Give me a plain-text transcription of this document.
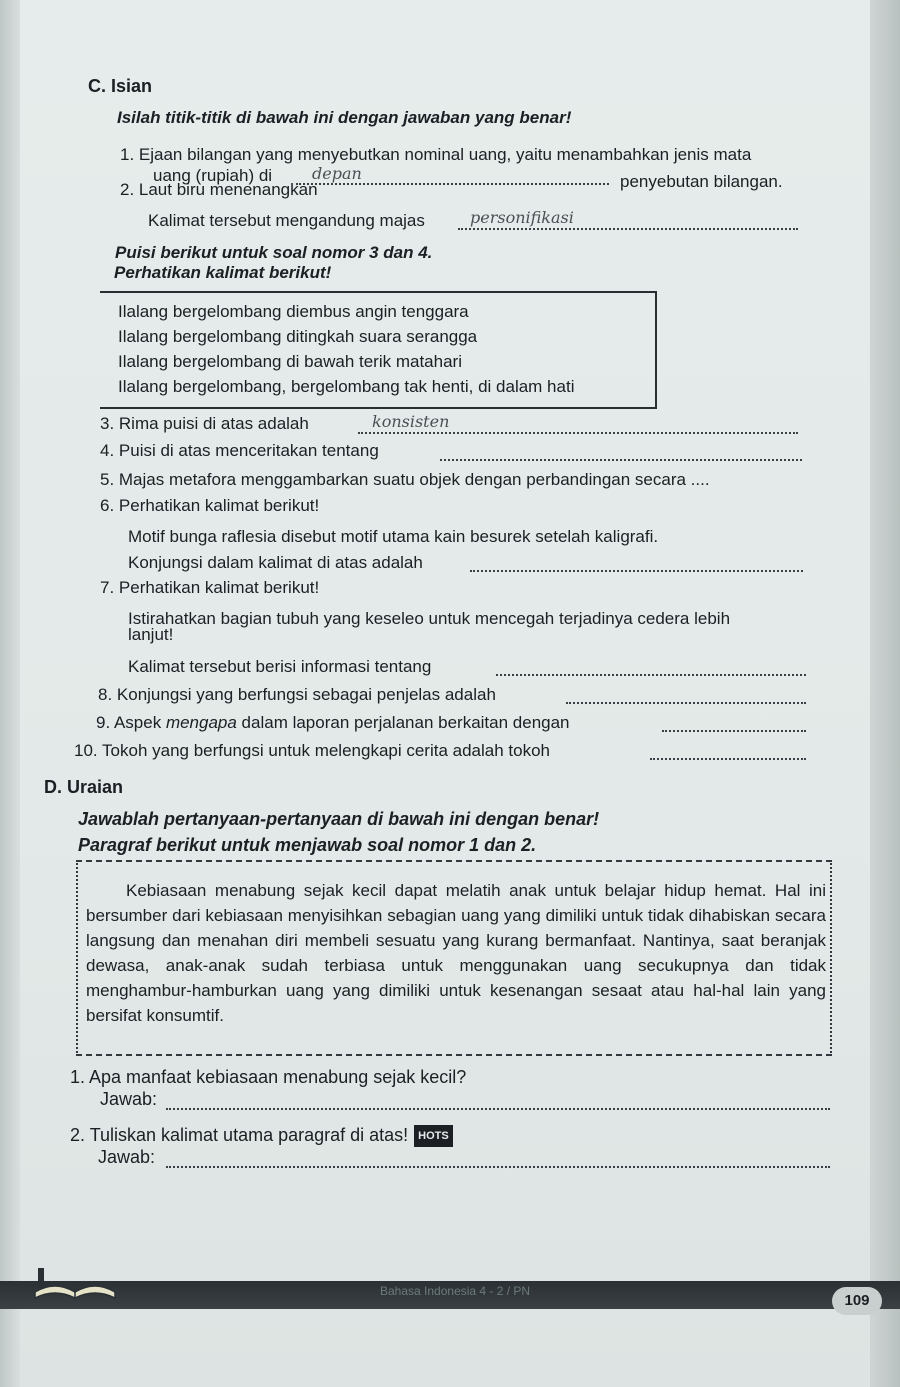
C. Isian
Isilah titik-titik di bawah ini dengan jawaban yang benar!
1. Ejaan bilangan yang menyebutkan nominal uang, yaitu menambahkan jenis mata
uang (rupiah) di depan	penyebutan bilangan.
2. Laut biru menenangkan
Kalimat tersebut mengandung majas	personifikasi
Puisi berikut untuk soal nomor 3 dan 4.
Perhatikan kalimat berikut!
Ilalang bergelombang diembus angin tenggara
Ilalang bergelombang ditingkah suara serangga
Ilalang bergelombang di bawah terik matahari
Ilalang bergelombang, bergelombang tak henti, di dalam hati
3. Rima puisi di atas adalah	konsisten
4. Puisi di atas menceritakan tentang
5. Majas metafora menggambarkan suatu objek dengan perbandingan secara ....
6. Perhatikan kalimat berikut!
Motif bunga raflesia disebut motif utama kain besurek setelah kaligrafi.
Konjungsi dalam kalimat di atas adalah
7. Perhatikan kalimat berikut!
Istirahatkan bagian tubuh yang keseleo untuk mencegah terjadinya cedera lebih
lanjut!
Kalimat tersebut berisi informasi tentang
8. Konjungsi yang berfungsi sebagai penjelas adalah
9. Aspek mengapa dalam laporan perjalanan berkaitan dengan
10. Tokoh yang berfungsi untuk melengkapi cerita adalah tokoh
D. Uraian
Jawablah pertanyaan-pertanyaan di bawah ini dengan benar!
Paragraf berikut untuk menjawab soal nomor 1 dan 2.
Kebiasaan menabung sejak kecil dapat melatih anak untuk belajar hidup hemat. Hal ini bersumber dari kebiasaan menyisihkan sebagian uang yang dimiliki untuk tidak dihabiskan secara langsung dan menahan diri membeli sesuatu yang kurang bermanfaat. Nantinya, saat beranjak dewasa, anak-anak sudah terbiasa untuk menggunakan uang secukupnya dan tidak menghambur-hamburkan uang yang dimiliki untuk kesenangan sesaat atau hal-hal lain yang bersifat konsumtif.
1. Apa manfaat kebiasaan menabung sejak kecil?
Jawab:
2. Tuliskan kalimat utama paragraf di atas! HOTS
Jawab:
Bahasa Indonesia 4 - 2 / PN
109
